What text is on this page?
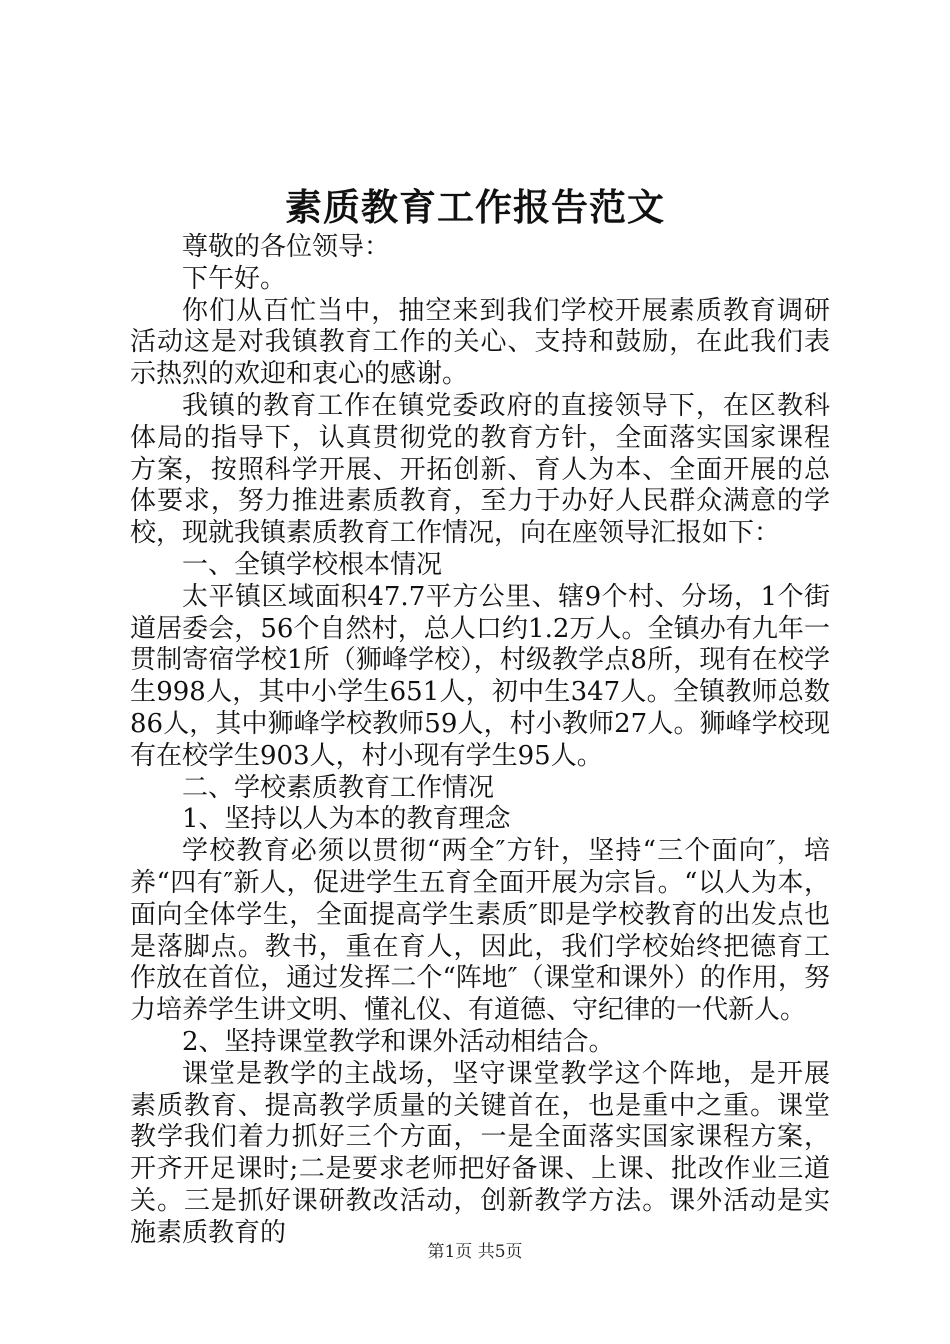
素质教育工作报告范文

尊敬的各位领导：

下午好。

你们从百忙当中，抽空来到我们学校开展素质教育调研活动这是对我镇教育工作的关心、支持和鼓励，在此我们表示热烈的欢迎和衷心的感谢。

我镇的教育工作在镇党委政府的直接领导下，在区教科体局的指导下，认真贯彻党的教育方针，全面落实国家课程方案，按照科学开展、开拓创新、育人为本、全面开展的总体要求，努力推进素质教育，至力于办好人民群众满意的学校，现就我镇素质教育工作情况，向在座领导汇报如下：

一、全镇学校根本情况

太平镇区域面积47.7平方公里、辖9个村、分场，1个街道居委会，56个自然村，总人口约1.2万人。全镇办有九年一贯制寄宿学校1所（狮峰学校），村级教学点8所，现有在校学生998人，其中小学生651人，初中生347人。全镇教师总数86人，其中狮峰学校教师59人，村小教师27人。狮峰学校现有在校学生903人，村小现有学生95人。

二、学校素质教育工作情况

1、坚持以人为本的教育理念

学校教育必须以贯彻“两全″方针，坚持“三个面向″，培养“四有″新人，促进学生五育全面开展为宗旨。“以人为本，面向全体学生，全面提高学生素质″即是学校教育的出发点也是落脚点。教书，重在育人，因此，我们学校始终把德育工作放在首位，通过发挥二个“阵地″（课堂和课外）的作用，努力培养学生讲文明、懂礼仪、有道德、守纪律的一代新人。

2、坚持课堂教学和课外活动相结合。

课堂是教学的主战场，坚守课堂教学这个阵地，是开展素质教育、提高教学质量的关键首在，也是重中之重。课堂教学我们着力抓好三个方面，一是全面落实国家课程方案，开齐开足课时;二是要求老师把好备课、上课、批改作业三道关。三是抓好课研教改活动，创新教学方法。课外活动是实施素质教育的

第1页 共5页
